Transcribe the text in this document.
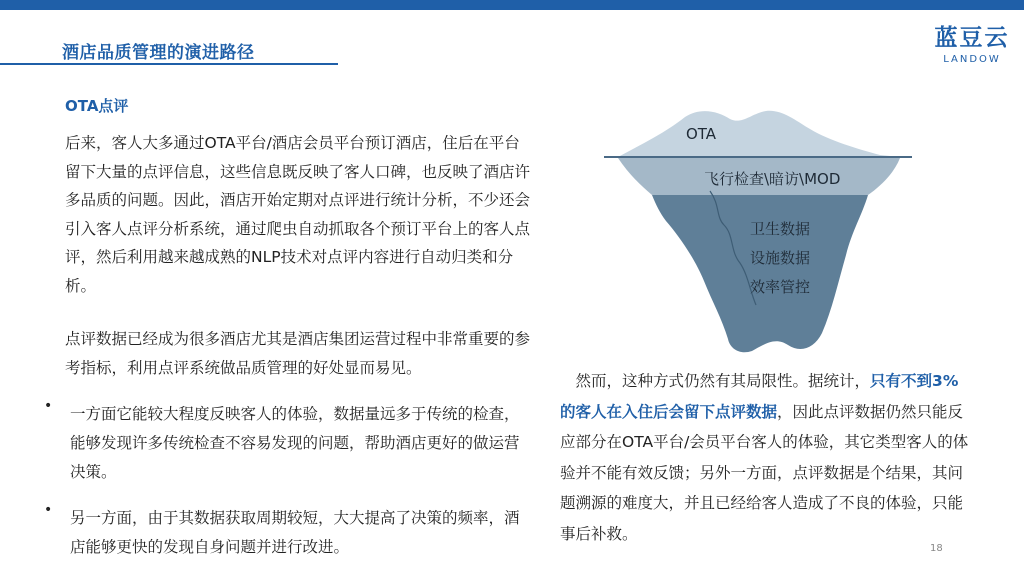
酒店品质管理的演进路径
蓝豆云
LANDOW
OTA点评
后来，客人大多通过OTA平台/酒店会员平台预订酒店，住后在平台留下大量的点评信息，这些信息既反映了客人口碑，也反映了酒店许多品质的问题。因此，酒店开始定期对点评进行统计分析，不少还会引入客人点评分析系统，通过爬虫自动抓取各个预订平台上的客人点评，然后利用越来越成熟的NLP技术对点评内容进行自动归类和分析。
点评数据已经成为很多酒店尤其是酒店集团运营过程中非常重要的参考指标，利用点评系统做品质管理的好处显而易见。
• 一方面它能较大程度反映客人的体验，数据量远多于传统的检查，能够发现许多传统检查不容易发现的问题，帮助酒店更好的做运营决策。
• 另一方面，由于其数据获取周期较短，大大提高了决策的频率，酒店能够更快的发现自身问题并进行改进。
OTA
飞行检查\暗访\MOD
卫生数据
设施数据
效率管控
　然而，这种方式仍然有其局限性。据统计，只有不到3%的客人在入住后会留下点评数据，因此点评数据仍然只能反应部分在OTA平台/会员平台客人的体验，其它类型客人的体验并不能有效反馈；另外一方面，点评数据是个结果，其问题溯源的难度大，并且已经给客人造成了不良的体验，只能事后补救。
18
